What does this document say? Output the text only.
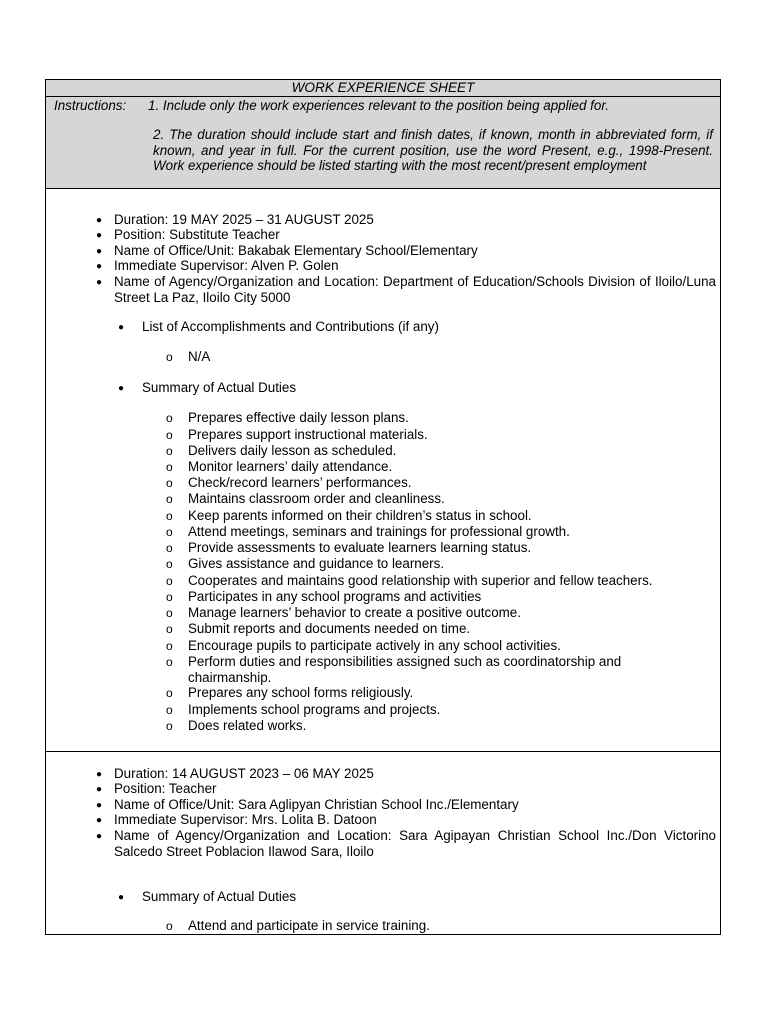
WORK EXPERIENCE SHEET
Instructions: 1. Include only the work experiences relevant to the position being applied for.
2. The duration should include start and finish dates, if known, month in abbreviated form, if known, and year in full. For the current position, use the word Present, e.g., 1998-Present. Work experience should be listed starting with the most recent/present employment
● Duration: 19 MAY 2025 – 31 AUGUST 2025
● Position: Substitute Teacher
● Name of Office/Unit: Bakabak Elementary School/Elementary
● Immediate Supervisor: Alven P. Golen
● Name of Agency/Organization and Location: Department of Education/Schools Division of Iloilo/Luna Street La Paz, Iloilo City 5000
● List of Accomplishments and Contributions (if any)
o N/A
● Summary of Actual Duties
o Prepares effective daily lesson plans.
o Prepares support instructional materials.
o Delivers daily lesson as scheduled.
o Monitor learners’ daily attendance.
o Check/record learners’ performances.
o Maintains classroom order and cleanliness.
o Keep parents informed on their children’s status in school.
o Attend meetings, seminars and trainings for professional growth.
o Provide assessments to evaluate learners learning status.
o Gives assistance and guidance to learners.
o Cooperates and maintains good relationship with superior and fellow teachers.
o Participates in any school programs and activities
o Manage learners’ behavior to create a positive outcome.
o Submit reports and documents needed on time.
o Encourage pupils to participate actively in any school activities.
o Perform duties and responsibilities assigned such as coordinatorship and chairmanship.
o Prepares any school forms religiously.
o Implements school programs and projects.
o Does related works.
● Duration: 14 AUGUST 2023 – 06 MAY 2025
● Position: Teacher
● Name of Office/Unit: Sara Aglipyan Christian School Inc./Elementary
● Immediate Supervisor: Mrs. Lolita B. Datoon
● Name of Agency/Organization and Location: Sara Agipayan Christian School Inc./Don Victorino Salcedo Street Poblacion Ilawod Sara, Iloilo
● Summary of Actual Duties
o Attend and participate in service training.
